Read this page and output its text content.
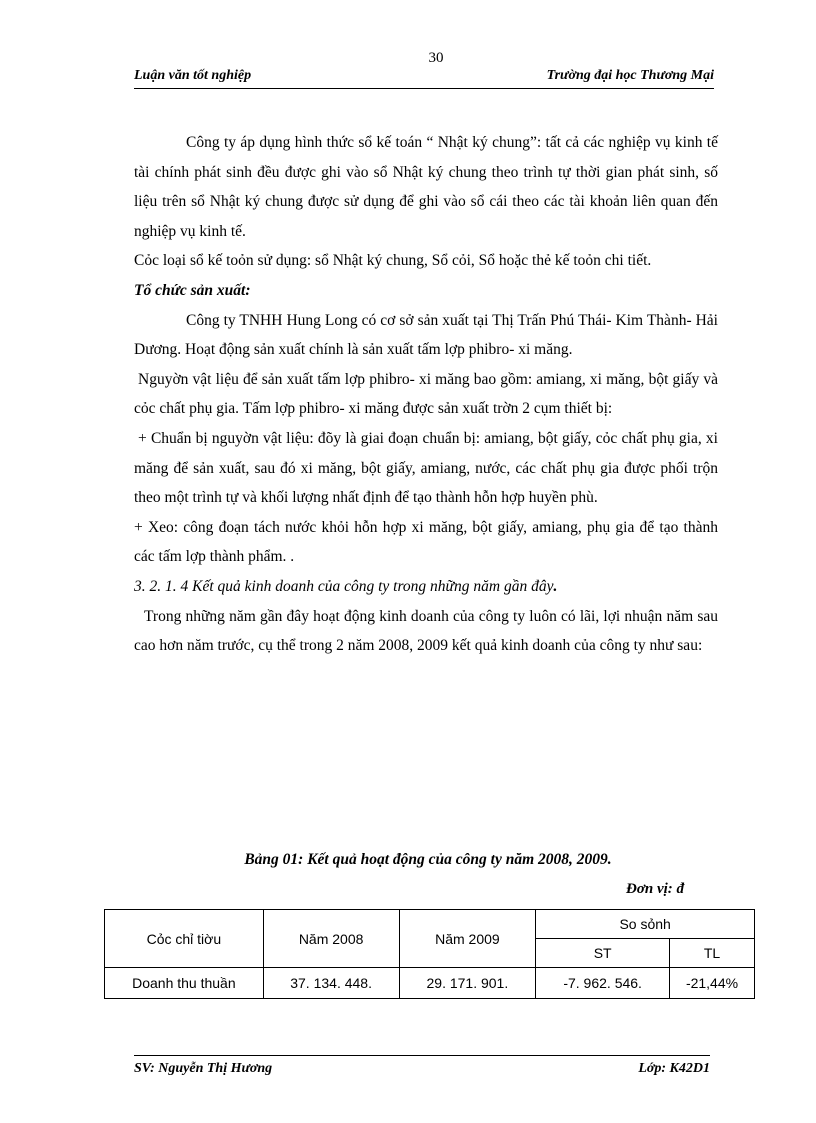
30
Luận văn tốt nghiệp	Trường đại học Thương Mại

Công ty áp dụng hình thức sổ kế toán “ Nhật ký chung”: tất cả các nghiệp vụ kinh tế tài chính phát sinh đều được ghi vào sổ Nhật ký chung theo trình tự thời gian phát sinh, số liệu trên sổ Nhật ký chung được sử dụng để ghi vào sổ cái theo các tài khoản liên quan đến nghiệp vụ kinh tế.

Cỏc loại sổ kế toỏn sử dụng: sổ Nhật ký chung, Sổ cỏi, Sổ hoặc thẻ kế toỏn chi tiết.

Tổ chức sản xuất:

Công ty TNHH Hung Long có cơ sở sản xuất tại Thị Trấn Phú Thái- Kim Thành- Hải Dương. Hoạt động sản xuất chính là sản xuất tấm lợp phibro- xi măng.

Nguyờn vật liệu để sản xuất tấm lợp phibro- xi măng bao gồm: amiang, xi măng, bột giấy và cỏc chất phụ gia. Tấm lợp phibro- xi măng được sản xuất trờn 2 cụm thiết bị:

+ Chuẩn bị nguyờn vật liệu: đõy là giai đoạn chuẩn bị: amiang, bột giấy, cỏc chất phụ gia, xi măng để sản xuất, sau đó xi măng, bột giấy, amiang, nước, các chất phụ gia được phối trộn theo một trình tự và khối lượng nhất định để tạo thành hỗn hợp huyền phù.

+ Xeo: công đoạn tách nước khỏi hỗn hợp xi măng, bột giấy, amiang, phụ gia để tạo thành các tấm lợp thành phẩm. .

3. 2. 1. 4 Kết quả kinh doanh của công ty trong những năm gần đây.

Trong những năm gần đây hoạt động kinh doanh của công ty luôn có lãi, lợi nhuận năm sau cao hơn năm trước, cụ thể trong 2 năm 2008, 2009 kết quả kinh doanh của công ty như sau:

Bảng 01: Kết quả hoạt động của công ty năm 2008, 2009.
Đơn vị: đ
Cỏc chỉ tiờu	Năm 2008	Năm 2009	So sỏnh	
			ST	TL
Doanh thu thuần	37. 134. 448.	29. 171. 901.	-7. 962. 546.	-21,44%
SV: Nguyễn Thị Hương	Lớp: K42D1
